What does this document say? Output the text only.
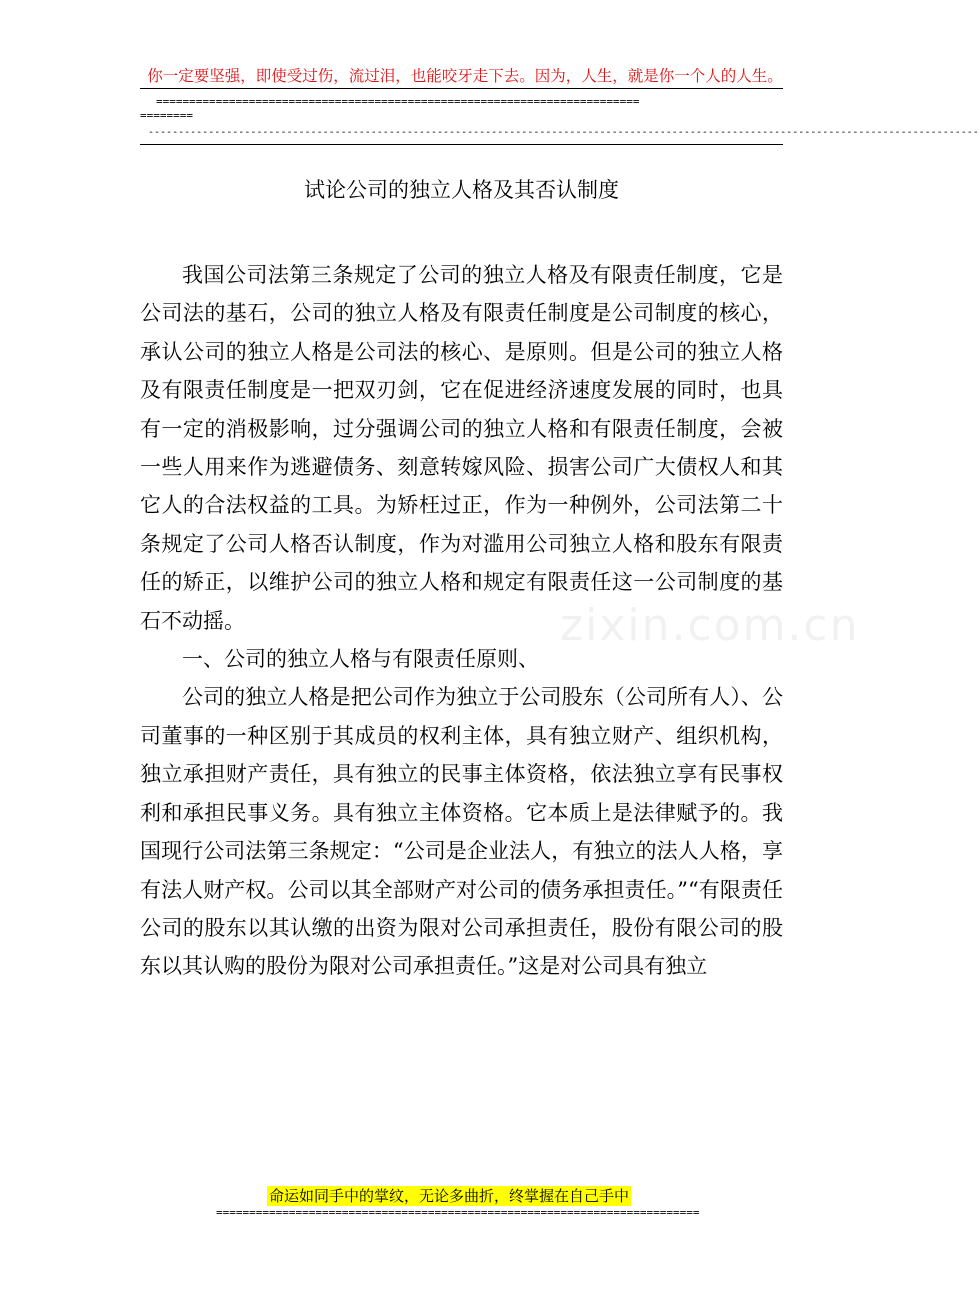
你一定要坚强，即使受过伤，流过泪，也能咬牙走下去。因为，人生，就是你一个人的人生。
=========================================================================
========
------------------------------------------------------------------------------------------------------------------------------------------
zixin.com.cn
试论公司的独立人格及其否认制度

我国公司法第三条规定了公司的独立人格及有限责任制度，它是公司法的基石，公司的独立人格及有限责任制度是公司制度的核心，承认公司的独立人格是公司法的核心、是原则。但是公司的独立人格及有限责任制度是一把双刃剑，它在促进经济速度发展的同时，也具有一定的消极影响，过分强调公司的独立人格和有限责任制度，会被一些人用来作为逃避债务、刻意转嫁风险、损害公司广大债权人和其它人的合法权益的工具。为矫枉过正，作为一种例外，公司法第二十条规定了公司人格否认制度，作为对滥用公司独立人格和股东有限责任的矫正，以维护公司的独立人格和规定有限责任这一公司制度的基石不动摇。

一、公司的独立人格与有限责任原则、

公司的独立人格是把公司作为独立于公司股东（公司所有人）、公司董事的一种区别于其成员的权利主体，具有独立财产、组织机构，独立承担财产责任，具有独立的民事主体资格，依法独立享有民事权利和承担民事义务。具有独立主体资格。它本质上是法律赋予的。我国现行公司法第三条规定：“公司是企业法人，有独立的法人人格，享有法人财产权。公司以其全部财产对公司的债务承担责任。”“有限责任公司的股东以其认缴的出资为限对公司承担责任，股份有限公司的股东以其认购的股份为限对公司承担责任。”这是对公司具有独立

命运如同手中的掌纹，无论多曲折，终掌握在自己手中
=========================================================================
